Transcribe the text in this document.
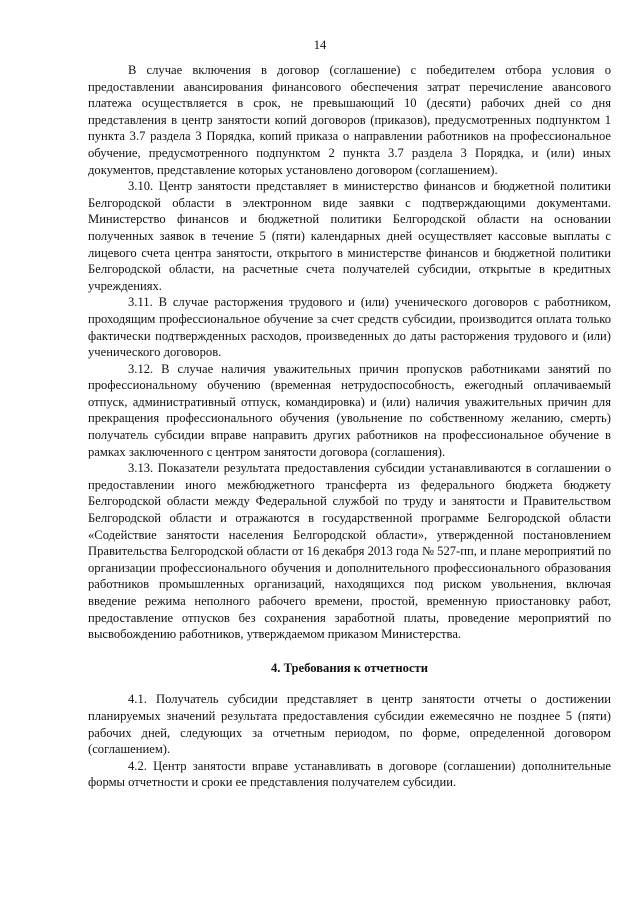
14

В случае включения в договор (соглашение) с победителем отбора условия о предоставлении авансирования финансового обеспечения затрат перечисление авансового платежа осуществляется в срок, не превышающий 10 (десяти) рабочих дней со дня представления в центр занятости копий договоров (приказов), предусмотренных подпунктом 1 пункта 3.7 раздела 3 Порядка, копий приказа о направлении работников на профессиональное обучение, предусмотренного подпунктом 2 пункта 3.7 раздела 3 Порядка, и (или) иных документов, представление которых установлено договором (соглашением).

3.10. Центр занятости представляет в министерство финансов и бюджетной политики Белгородской области в электронном виде заявки с подтверждающими документами. Министерство финансов и бюджетной политики Белгородской области на основании полученных заявок в течение 5 (пяти) календарных дней осуществляет кассовые выплаты с лицевого счета центра занятости, открытого в министерстве финансов и бюджетной политики Белгородской области, на расчетные счета получателей субсидии, открытые в кредитных учреждениях.

3.11. В случае расторжения трудового и (или) ученического договоров с работником, проходящим профессиональное обучение за счет средств субсидии, производится оплата только фактически подтвержденных расходов, произведенных до даты расторжения трудового и (или) ученического договоров.

3.12. В случае наличия уважительных причин пропусков работниками занятий по профессиональному обучению (временная нетрудоспособность, ежегодный оплачиваемый отпуск, административный отпуск, командировка) и (или) наличия уважительных причин для прекращения профессионального обучения (увольнение по собственному желанию, смерть) получатель субсидии вправе направить других работников на профессиональное обучение в рамках заключенного с центром занятости договора (соглашения).

3.13. Показатели результата предоставления субсидии устанавливаются в соглашении о предоставлении иного межбюджетного трансферта из федерального бюджета бюджету Белгородской области между Федеральной службой по труду и занятости и Правительством Белгородской области и отражаются в государственной программе Белгородской области «Содействие занятости населения Белгородской области», утвержденной постановлением Правительства Белгородской области от 16 декабря 2013 года № 527-пп, и плане мероприятий по организации профессионального обучения и дополнительного профессионального образования работников промышленных организаций, находящихся под риском увольнения, включая введение режима неполного рабочего времени, простой, временную приостановку работ, предоставление отпусков без сохранения заработной платы, проведение мероприятий по высвобождению работников, утверждаемом приказом Министерства.

4. Требования к отчетности

4.1. Получатель субсидии представляет в центр занятости отчеты о достижении планируемых значений результата предоставления субсидии ежемесячно не позднее 5 (пяти) рабочих дней, следующих за отчетным периодом, по форме, определенной договором (соглашением).

4.2. Центр занятости вправе устанавливать в договоре (соглашении) дополнительные формы отчетности и сроки ее представления получателем субсидии.
